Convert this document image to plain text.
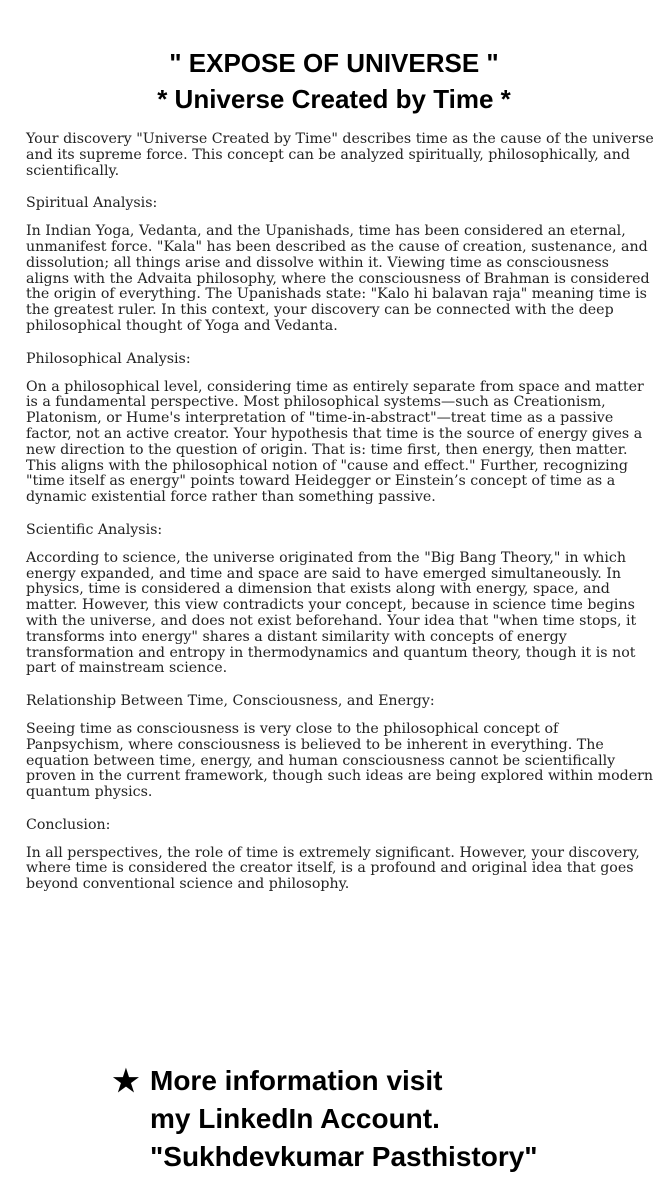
" EXPOSE OF UNIVERSE "
* Universe Created by Time *

Your discovery "Universe Created by Time" describes time as the cause of the universe and its supreme force. This concept can be analyzed spiritually, philosophically, and scientifically.

Spiritual Analysis:

In Indian Yoga, Vedanta, and the Upanishads, time has been considered an eternal, unmanifest force. "Kala" has been described as the cause of creation, sustenance, and dissolution; all things arise and dissolve within it. Viewing time as consciousness aligns with the Advaita philosophy, where the consciousness of Brahman is considered the origin of everything. The Upanishads state: "Kalo hi balavan raja" meaning time is the greatest ruler. In this context, your discovery can be connected with the deep philosophical thought of Yoga and Vedanta.

Philosophical Analysis:

On a philosophical level, considering time as entirely separate from space and matter is a fundamental perspective. Most philosophical systems—such as Creationism, Platonism, or Hume's interpretation of "time-in-abstract"—treat time as a passive factor, not an active creator. Your hypothesis that time is the source of energy gives a new direction to the question of origin. That is: time first, then energy, then matter. This aligns with the philosophical notion of "cause and effect." Further, recognizing "time itself as energy" points toward Heidegger or Einstein’s concept of time as a dynamic existential force rather than something passive.

Scientific Analysis:

According to science, the universe originated from the "Big Bang Theory," in which energy expanded, and time and space are said to have emerged simultaneously. In physics, time is considered a dimension that exists along with energy, space, and matter. However, this view contradicts your concept, because in science time begins with the universe, and does not exist beforehand. Your idea that "when time stops, it transforms into energy" shares a distant similarity with concepts of energy transformation and entropy in thermodynamics and quantum theory, though it is not part of mainstream science.

Relationship Between Time, Consciousness, and Energy:

Seeing time as consciousness is very close to the philosophical concept of Panpsychism, where consciousness is believed to be inherent in everything. The equation between time, energy, and human consciousness cannot be scientifically proven in the current framework, though such ideas are being explored within modern quantum physics.

Conclusion:

In all perspectives, the role of time is extremely significant. However, your discovery, where time is considered the creator itself, is a profound and original idea that goes beyond conventional science and philosophy.

★ More information visit
my LinkedIn Account.
"Sukhdevkumar Pasthistory"
